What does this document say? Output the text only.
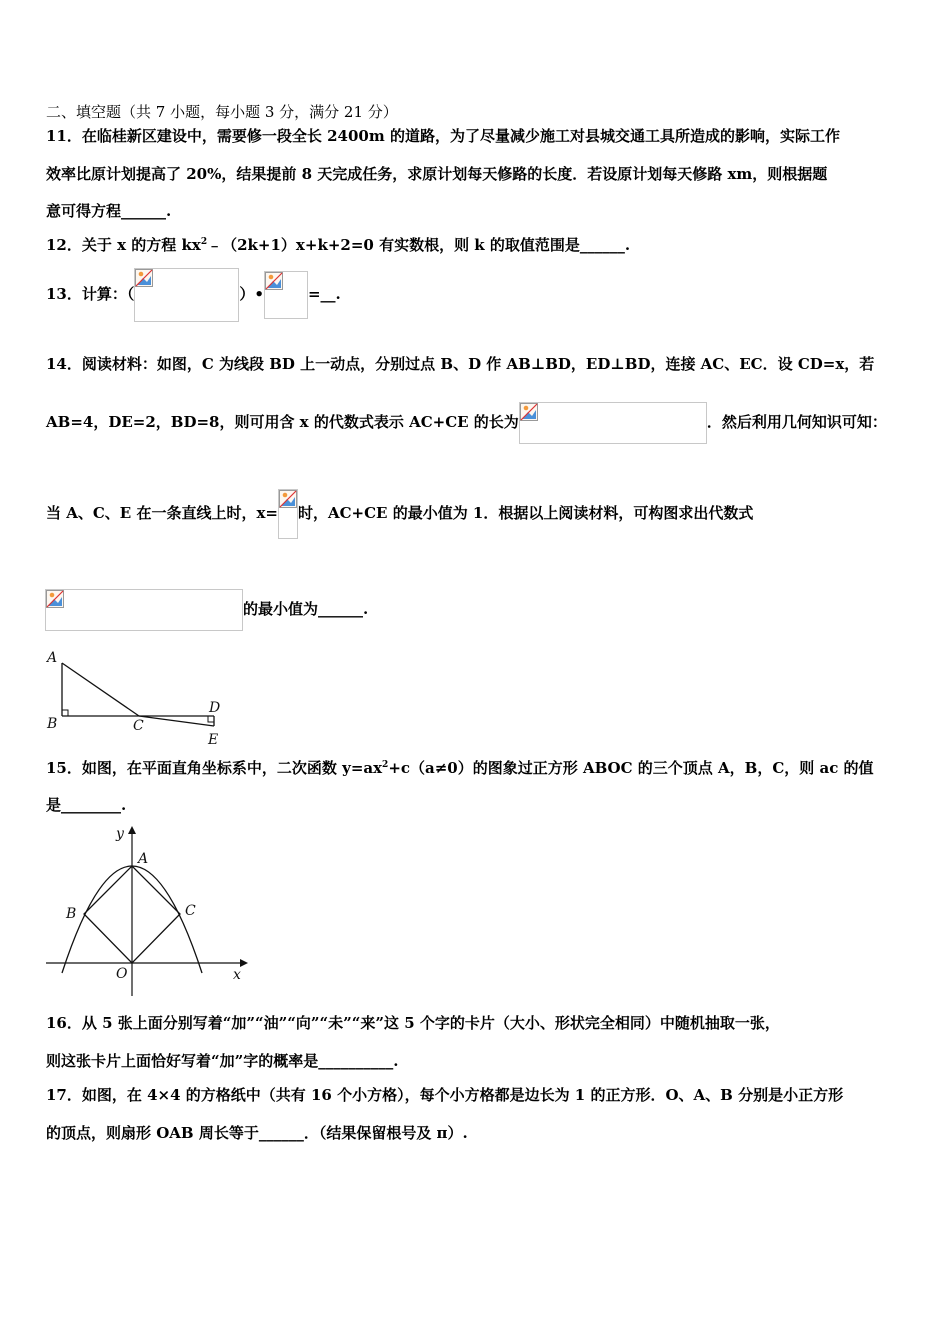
二、填空题（共 7 小题，每小题 3 分，满分 21 分）
11．在临桂新区建设中，需要修一段全长 2400m 的道路，为了尽量减少施工对县城交通工具所造成的影响，实际工作
效率比原计划提高了 20%，结果提前 8 天完成任务，求原计划每天修路的长度．若设原计划每天修路 xm，则根据题
意可得方程______.
12．关于 x 的方程 $kx^2﹣(2k+1)x+k+2=0$ 有实数根，则 k 的取值范围是______.
13．计算：（	）•	=__.
14．阅读材料：如图，C 为线段 BD 上一动点，分别过点 B、D 作 AB⊥BD，ED⊥BD，连接 AC、EC．设 CD=x，若
AB=4，DE=2，BD=8，则可用含 x 的代数式表示 AC+CE 的长为	．然后利用几何知识可知：
当 A、C、E 在一条直线上时，x= 时，AC+CE 的最小值为 1．根据以上阅读材料，可构图求出代数式
的最小值为______.
A
B	C
D
E
15．如图，在平面直角坐标系中，二次函数 $y=ax^2+c(a\ne 0)$的图象过正方形 ABOC 的三个顶点 A，B，C，则 ac 的值
是________.
A
B	C
O
y
x
16．从 5 张上面分别写着“加”“油”“向”“未”“来”这 5 个字的卡片（大小、形状完全相同）中随机抽取一张，
则这张卡片上面恰好写着“加”字的概率是__________.
17．如图，在 4×4 的方格纸中（共有 16 个小方格），每个小方格都是边长为 1 的正方形．O、A、B 分别是小正方形
的顶点，则扇形 OAB 周长等于______．（结果保留根号及 π）.
